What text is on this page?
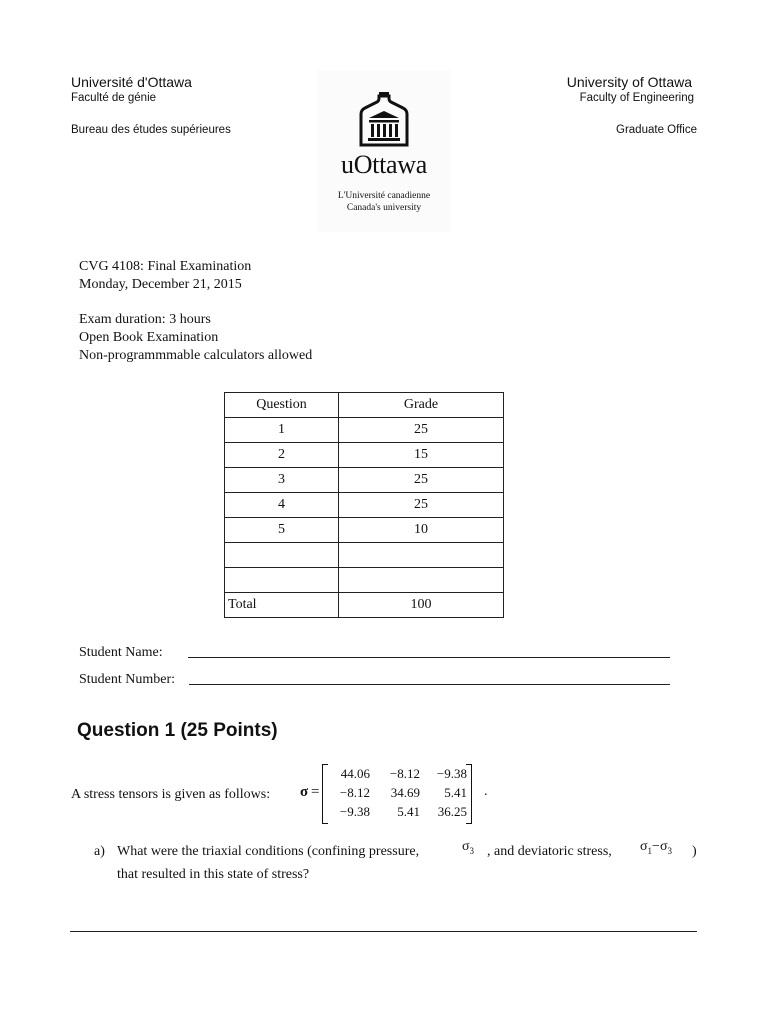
Université d'Ottawa
Faculté de génie
Bureau des études supérieures
University of Ottawa
Faculty of Engineering
Graduate Office
uOttawa
L'Université canadienne
Canada's university
CVG 4108: Final Examination
Monday, December 21, 2015
Exam duration: 3 hours
Open Book Examination
Non-programmmable calculators allowed
Question	Grade
1	25
2	15
3	25
4	25
5	10

Total	100
Student Name:
Student Number:
Question 1 (25 Points)
A stress tensors is given as follows: σ =
44.06	−8.12	−9.38
−8.12	34.69	5.41
−9.38	5.41	36.25
.
a) What were the triaxial conditions (confining pressure,	$\sigma_3$ , and deviatoric stress, $\sigma_1-\sigma_3$ )
that resulted in this state of stress?
